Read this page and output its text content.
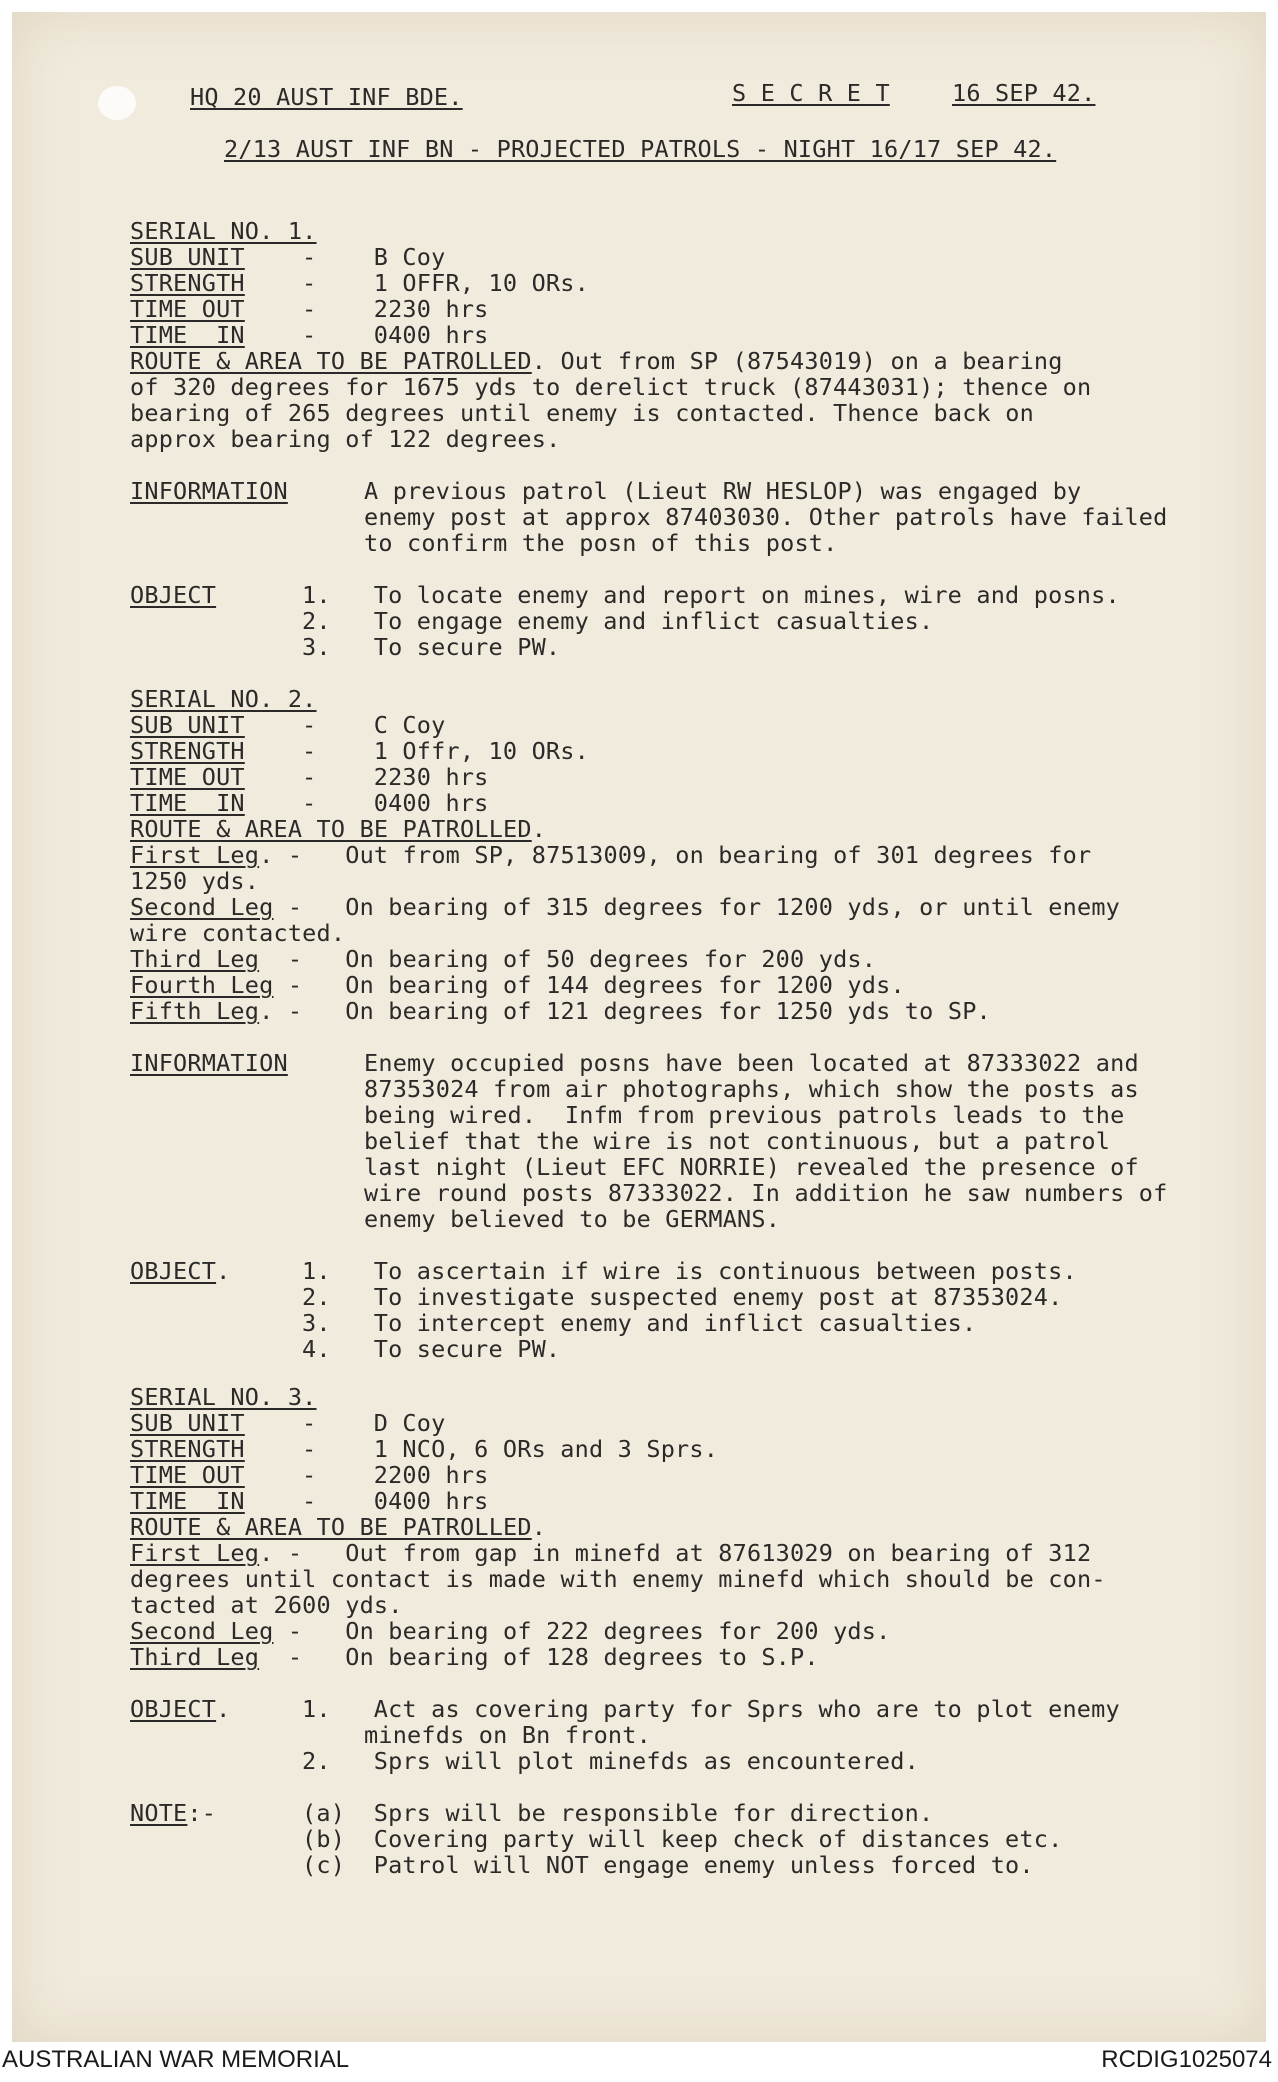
HQ 20 AUST INF BDE.	S E C R E T	16 SEP 42.
2/13 AUST INF BN - PROJECTED PATROLS - NIGHT 16/17 SEP 42.
SERIAL NO. 1.
SUB UNIT -    B Coy
STRENGTH -    1 OFFR, 10 ORs.
TIME OUT -    2230 hrs
TIME  IN -    0400 hrs
ROUTE & AREA TO BE PATROLLED. Out from SP (87543019) on a bearing
of 320 degrees for 1675 yds to derelict truck (87443031); thence on
bearing of 265 degrees until enemy is contacted. Thence back on
approx bearing of 122 degrees.
INFORMATION	A previous patrol (Lieut RW HESLOP) was engaged by
enemy post at approx 87403030. Other patrols have failed
to confirm the posn of this post.
OBJECT	1.   To locate enemy and report on mines, wire and posns.
2.   To engage enemy and inflict casualties.
3.   To secure PW.
SERIAL NO. 2.
SUB UNIT -    C Coy
STRENGTH -    1 Offr, 10 ORs.
TIME OUT -    2230 hrs
TIME  IN -    0400 hrs
ROUTE & AREA TO BE PATROLLED.
First Leg. -   Out from SP, 87513009, on bearing of 301 degrees for
1250 yds.
Second Leg -   On bearing of 315 degrees for 1200 yds, or until enemy
wire contacted.
Third Leg  -   On bearing of 50 degrees for 200 yds.
Fourth Leg -   On bearing of 144 degrees for 1200 yds.
Fifth Leg. -   On bearing of 121 degrees for 1250 yds to SP.
INFORMATION	Enemy occupied posns have been located at 87333022 and
87353024 from air photographs, which show the posts as
being wired.  Infm from previous patrols leads to the
belief that the wire is not continuous, but a patrol
last night (Lieut EFC NORRIE) revealed the presence of
wire round posts 87333022. In addition he saw numbers of
enemy believed to be GERMANS.
OBJECT.	1.   To ascertain if wire is continuous between posts.
2.   To investigate suspected enemy post at 87353024.
3.   To intercept enemy and inflict casualties.
4.   To secure PW.
SERIAL NO. 3.
SUB UNIT -    D Coy
STRENGTH -    1 NCO, 6 ORs and 3 Sprs.
TIME OUT -    2200 hrs
TIME  IN -    0400 hrs
ROUTE & AREA TO BE PATROLLED.
First Leg. -   Out from gap in minefd at 87613029 on bearing of 312
degrees until contact is made with enemy minefd which should be con-
tacted at 2600 yds.
Second Leg -   On bearing of 222 degrees for 200 yds.
Third Leg  -   On bearing of 128 degrees to S.P.
OBJECT.	1.   Act as covering party for Sprs who are to plot enemy
minefds on Bn front.
2.   Sprs will plot minefds as encountered.
NOTE:-	(a)  Sprs will be responsible for direction.
(b)  Covering party will keep check of distances etc.
(c)  Patrol will NOT engage enemy unless forced to.
AUSTRALIAN WAR MEMORIAL	RCDIG1025074
